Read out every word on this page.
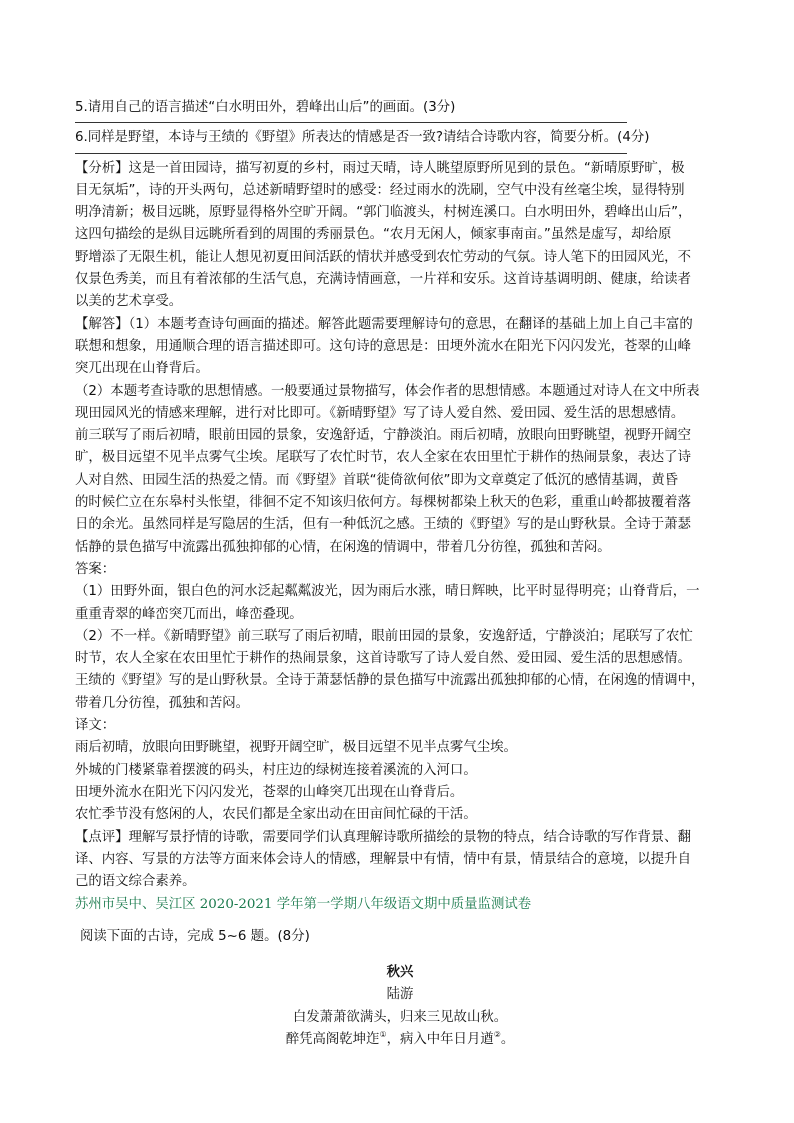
5.请用自己的语言描述“白水明田外，碧峰出山后”的画面。(3分)

6.同样是野望，本诗与王绩的《野望》所表达的情感是否一致?请结合诗歌内容，简要分析。(4分)

【分析】这是一首田园诗，描写初夏的乡村，雨过天晴，诗人眺望原野所见到的景色。“新晴原野旷，极

目无氛垢”，诗的开头两句，总述新晴野望时的感受：经过雨水的洗刷，空气中没有丝毫尘埃，显得特别

明净清新；极目远眺，原野显得格外空旷开阔。“郭门临渡头，村树连溪口。白水明田外，碧峰出山后”，

这四句描绘的是纵目远眺所看到的周围的秀丽景色。“农月无闲人，倾家事南亩。”虽然是虚写，却给原

野增添了无限生机，能让人想见初夏田间活跃的情状并感受到农忙劳动的气氛。诗人笔下的田园风光，不

仅景色秀美，而且有着浓郁的生活气息，充满诗情画意，一片祥和安乐。这首诗基调明朗、健康，给读者

以美的艺术享受。

【解答】（1）本题考查诗句画面的描述。解答此题需要理解诗句的意思，在翻译的基础上加上自己丰富的

联想和想象，用通顺合理的语言描述即可。这句诗的意思是：田埂外流水在阳光下闪闪发光，苍翠的山峰

突兀出现在山脊背后。

（2）本题考查诗歌的思想情感。一般要通过景物描写，体会作者的思想情感。本题通过对诗人在文中所表

现田园风光的情感来理解，进行对比即可。《新晴野望》写了诗人爱自然、爱田园、爱生活的思想感情。

前三联写了雨后初晴，眼前田园的景象，安逸舒适，宁静淡泊。雨后初晴，放眼向田野眺望，视野开阔空

旷，极目远望不见半点雾气尘埃。尾联写了农忙时节，农人全家在农田里忙于耕作的热闹景象，表达了诗

人对自然、田园生活的热爱之情。而《野望》首联“徙倚欲何依”即为文章奠定了低沉的感情基调，黄昏

的时候伫立在东皋村头怅望，徘徊不定不知该归依何方。每棵树都染上秋天的色彩，重重山岭都披覆着落

日的余光。虽然同样是写隐居的生活，但有一种低沉之感。王绩的《野望》写的是山野秋景。全诗于萧瑟

恬静的景色描写中流露出孤独抑郁的心情，在闲逸的情调中，带着几分彷徨，孤独和苦闷。

答案：

（1）田野外面，银白色的河水泛起粼粼波光，因为雨后水涨，晴日辉映，比平时显得明亮；山脊背后，一

重重青翠的峰峦突兀而出，峰峦叠现。

（2）不一样。《新晴野望》前三联写了雨后初晴，眼前田园的景象，安逸舒适，宁静淡泊；尾联写了农忙

时节，农人全家在农田里忙于耕作的热闹景象，这首诗歌写了诗人爱自然、爱田园、爱生活的思想感情。

王绩的《野望》写的是山野秋景。全诗于萧瑟恬静的景色描写中流露出孤独抑郁的心情，在闲逸的情调中，

带着几分彷徨，孤独和苦闷。

译文：

雨后初晴，放眼向田野眺望，视野开阔空旷，极目远望不见半点雾气尘埃。

外城的门楼紧靠着摆渡的码头，村庄边的绿树连接着溪流的入河口。

田埂外流水在阳光下闪闪发光，苍翠的山峰突兀出现在山脊背后。

农忙季节没有悠闲的人，农民们都是全家出动在田亩间忙碌的干活。

【点评】理解写景抒情的诗歌，需要同学们认真理解诗歌所描绘的景物的特点，结合诗歌的写作背景、翻

译、内容、写景的方法等方面来体会诗人的情感，理解景中有情，情中有景，情景结合的意境，以提升自

己的语文综合素养。

苏州市吴中、吴江区 2020-2021 学年第一学期八年级语文期中质量监测试卷

阅读下面的古诗，完成 5~6 题。(8分)

秋兴

陆游

白发萧萧欲满头，归来三见故山秋。

醉凭高阁乾坤迮①，病入中年日月遒②。
